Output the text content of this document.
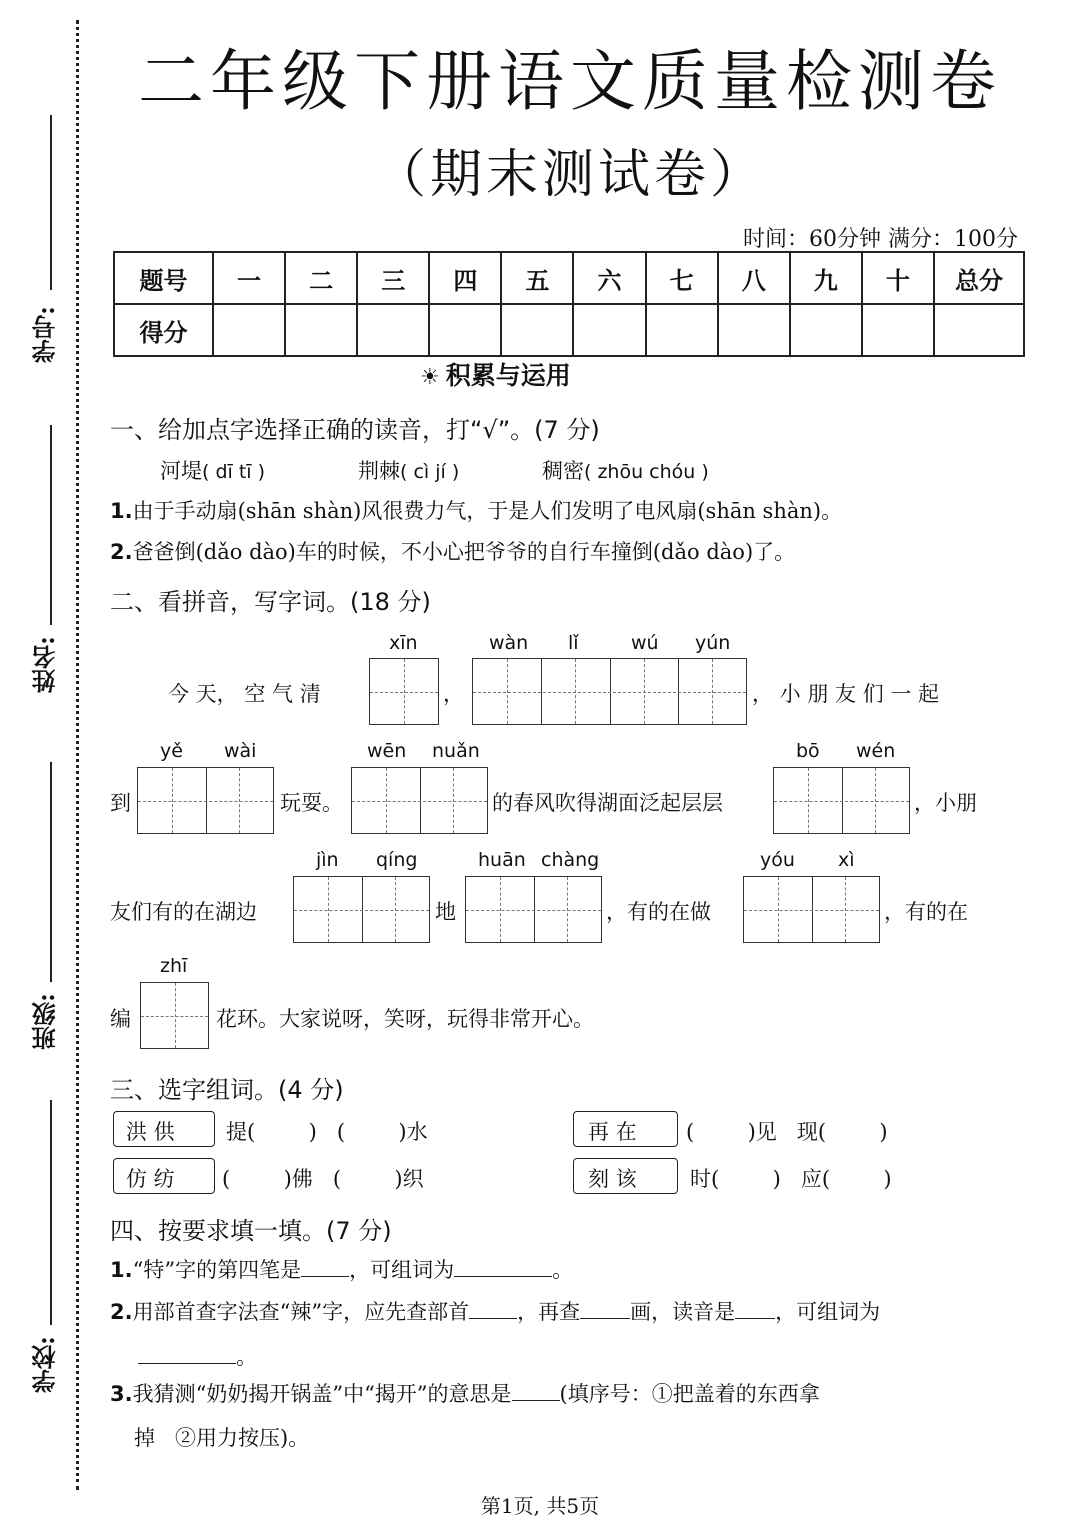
学号:
姓名:
班级:
学校:
二年级下册语文质量检测卷
（期末测试卷）
时间：60分钟 满分：100分
题号	一	二	三	四	五	六	七	八	九	十	总分
得分											
☀ 积累与运用
一、给加点字选择正确的读音，打“√”。(7 分)
河堤( dī tī )	荆棘( cì jí )	稠密( zhōu chóu )
1.由于手动扇(shān shàn)风很费力气，于是人们发明了电风扇(shān shàn)。
2.爸爸倒(dǎo dào)车的时候，不小心把爷爷的自行车撞倒(dǎo dào)了。
二、看拼音，写字词。(18 分)
xīn	wàn lǐ	wú yún
今 天， 空 气 清	，	， 小 朋 友 们 一 起
yě wài	wēn nuǎn	bō wén
到	玩耍。	的春风吹得湖面泛起层层	，小朋
jìn qíng	huān chàng	yóu xì
友们有的在湖边	地	，有的在做	，有的在
zhī
编	花环。大家说呀，笑呀，玩得非常开心。
三、选字组词。(4 分)
洪 供 提(        )   (        )水	再 在 (        )见   现(        )
仿 纺 (        )佛   (        )织	刻 该	时(        )   应(        )
四、按要求填一填。(7 分)
1.“特”字的第四笔是 ，可组词为	。
2.用部首查字法查“辣”字，应先查部首 ，再查 画，读音是 ，可组词为
。
3.我猜测“奶奶揭开锅盖”中“揭开”的意思是 (填序号：①把盖着的东西拿
掉   ②用力按压)。
第1页, 共5页
